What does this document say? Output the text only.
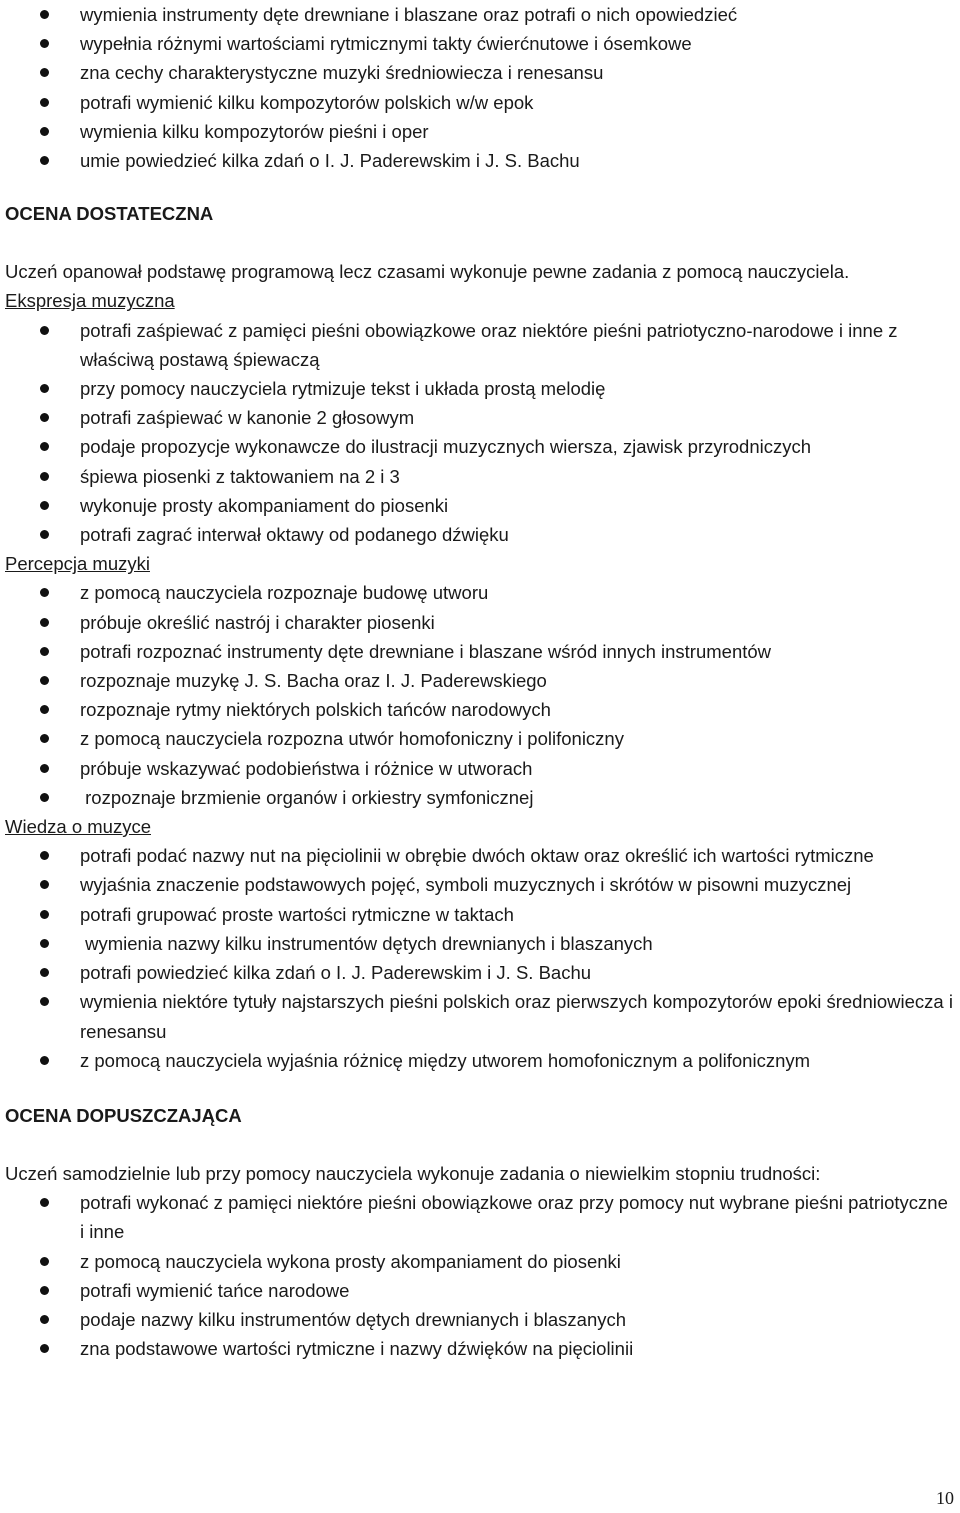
wymienia instrumenty dęte drewniane i blaszane oraz potrafi o nich opowiedzieć
wypełnia różnymi wartościami rytmicznymi takty ćwierćnutowe i ósemkowe
zna cechy charakterystyczne muzyki średniowiecza i renesansu
potrafi wymienić kilku kompozytorów polskich w/w epok
wymienia kilku kompozytorów pieśni i oper
umie powiedzieć kilka zdań o I. J. Paderewskim i J. S. Bachu

OCENA DOSTATECZNA

Uczeń opanował podstawę programową lecz czasami wykonuje pewne zadania z pomocą nauczyciela.

Ekspresja muzyczna

potrafi zaśpiewać z pamięci pieśni obowiązkowe oraz niektóre pieśni patriotyczno-narodowe i inne z właściwą postawą śpiewaczą
przy pomocy nauczyciela rytmizuje tekst i układa prostą melodię
potrafi zaśpiewać w kanonie 2 głosowym
podaje propozycje wykonawcze do ilustracji muzycznych wiersza, zjawisk przyrodniczych
śpiewa piosenki z taktowaniem na 2 i 3
wykonuje prosty akompaniament do piosenki
potrafi zagrać interwał oktawy od podanego dźwięku

Percepcja muzyki

z pomocą nauczyciela rozpoznaje budowę utworu
próbuje określić nastrój i charakter piosenki
potrafi rozpoznać instrumenty dęte drewniane i blaszane wśród innych instrumentów
rozpoznaje muzykę J. S. Bacha oraz I. J. Paderewskiego
rozpoznaje rytmy niektórych polskich tańców narodowych
z pomocą nauczyciela rozpozna utwór homofoniczny i polifoniczny
próbuje wskazywać podobieństwa i różnice w utworach
rozpoznaje brzmienie organów i orkiestry symfonicznej

Wiedza o muzyce

potrafi podać nazwy nut na pięciolinii w obrębie dwóch oktaw oraz określić ich wartości rytmiczne
wyjaśnia znaczenie podstawowych pojęć, symboli muzycznych i skrótów w pisowni muzycznej
potrafi grupować proste wartości rytmiczne w taktach
wymienia nazwy kilku instrumentów dętych drewnianych i blaszanych
potrafi powiedzieć kilka zdań o I. J. Paderewskim i J. S. Bachu
wymienia niektóre tytuły najstarszych pieśni polskich oraz pierwszych kompozytorów epoki średniowiecza i renesansu
z pomocą nauczyciela wyjaśnia różnicę między utworem homofonicznym a polifonicznym

OCENA DOPUSZCZAJĄCA

Uczeń samodzielnie lub przy pomocy nauczyciela wykonuje zadania o niewielkim stopniu trudności:

potrafi wykonać z pamięci niektóre pieśni obowiązkowe oraz przy pomocy nut wybrane pieśni patriotyczne i inne
z pomocą nauczyciela wykona prosty akompaniament do piosenki
potrafi wymienić tańce narodowe
podaje nazwy kilku instrumentów dętych drewnianych i blaszanych
zna podstawowe wartości rytmiczne i nazwy dźwięków na pięciolinii
10
